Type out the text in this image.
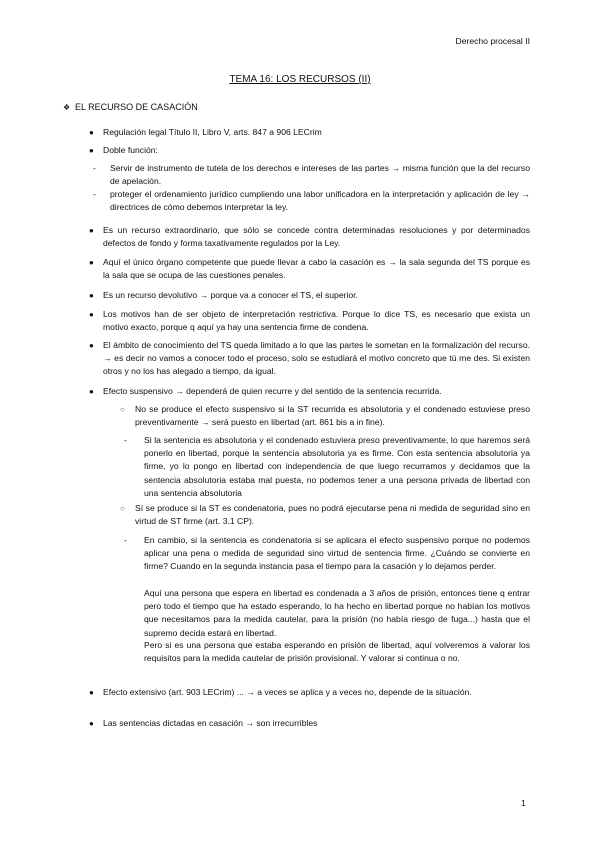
Derecho procesal II
TEMA 16: LOS RECURSOS (II)
❖ EL RECURSO DE CASACIÓN
● Regulación legal Título II, Libro V, arts. 847 a 906 LECrim
● Doble función:
- Servir de instrumento de tutela de los derechos e intereses de las partes → misma función que la del recurso de apelación.
- proteger el ordenamiento jurídico cumpliendo una labor unificadora en la interpretación y aplicación de ley → directrices de cómo debemos interpretar la ley.
● Es un recurso extraordinario, que sólo se concede contra determinadas resoluciones y por determinados defectos de fondo y forma taxativamente regulados por la Ley.
● Aquí el único órgano competente que puede llevar a cabo la casación es → la sala segunda del TS porque es la sala que se ocupa de las cuestiones penales.
● Es un recurso devolutivo → porque va a conocer el TS, el superior.
● Los motivos han de ser objeto de interpretación restrictiva. Porque lo dice TS, es necesario que exista un motivo exacto, porque q aquí ya hay una sentencia firme de condena.
● El ámbito de conocimiento del TS queda limitado a lo que las partes le sometan en la formalización del recurso. → es decir no vamos a conocer todo el proceso, solo se estudiará el motivo concreto que tú me des. Si existen otros y no los has alegado a tiempo, da igual.
● Efecto suspensivo → dependerá de quien recurre y del sentido de la sentencia recurrida.
○ No se produce el efecto suspensivo si la ST recurrida es absolutoria y el condenado estuviese preso preventivamente → será puesto en libertad (art. 861 bis a in fine).
- Si la sentencia es absolutoria y el condenado estuviera preso preventivamente, lo que haremos será ponerlo en libertad, porque la sentencia absolutoria ya es firme. Con esta sentencia absolutoria ya firme, yo lo pongo en libertad con independencia de que luego recurramos y decidamos que la sentencia absolutoria estaba mal puesta, no podemos tener a una persona privada de libertad con una sentencia absolutoria
○ Sí se produce si la ST es condenatoria, pues no podrá ejecutarse pena ni medida de seguridad sino en virtud de ST firme (art. 3.1 CP).
- En cambio, si la sentencia es condenatoria si se aplicara el efecto suspensivo porque no podemos aplicar una pena o medida de seguridad sino virtud de sentencia firme. ¿Cuándo se convierte en firme? Cuando en la segunda instancia pasa el tiempo para la casación y lo dejamos perder.
Aquí una persona que espera en libertad es condenada a 3 años de prisión, entonces tiene q entrar pero todo el tiempo que ha estado esperando, lo ha hecho en libertad porque no habían los motivos que necesitamos para la medida cautelar, para la prisión (no había riesgo de fuga...) hasta que el supremo decida estará en libertad.
Pero si es una persona que estaba esperando en prisión de libertad, aquí volveremos a valorar los requisitos para la medida cautelar de prisión provisional. Y valorar si continua o no.
● Efecto extensivo (art. 903 LECrim) ... → a veces se aplica y a veces no, depende de la situación.
● Las sentencias dictadas en casación → son irrecurribles
1
